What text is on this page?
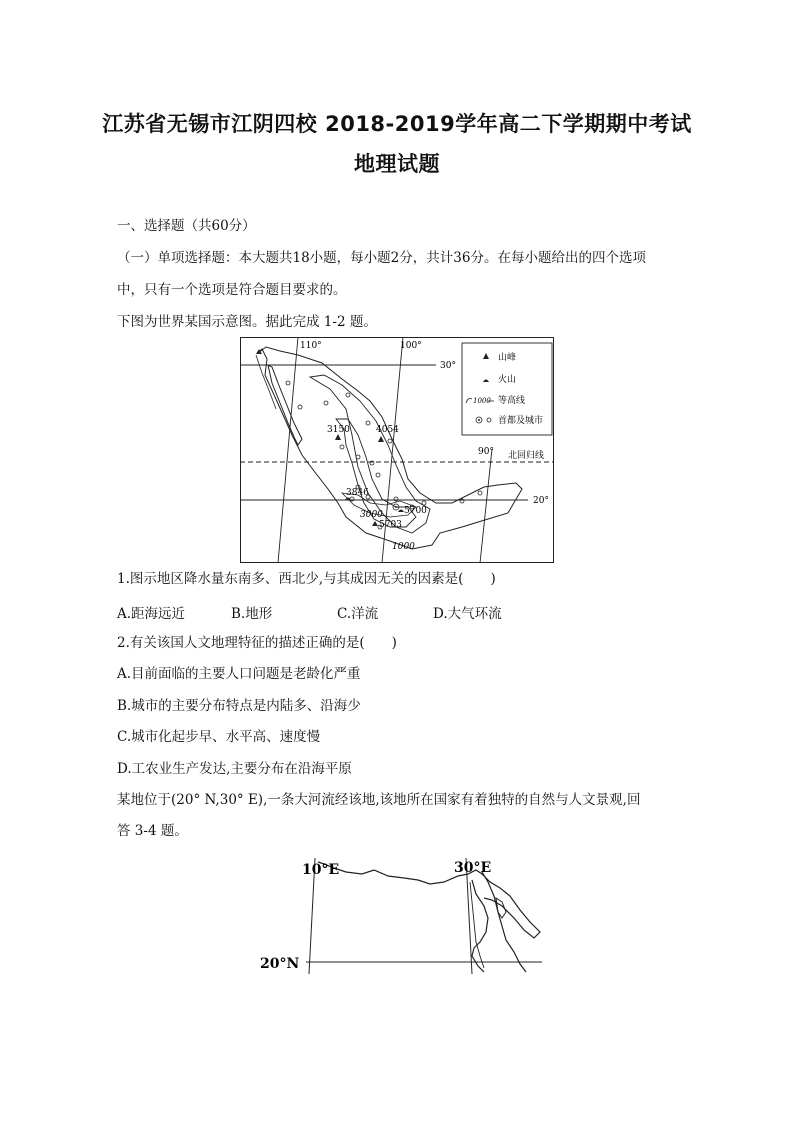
江苏省无锡市江阴四校 2018-2019学年高二下学期期中考试
地理试题
一、选择题（共60分）
（一）单项选择题：本大题共18小题，每小题2分，共计36分。在每小题给出的四个选项
中，只有一个选项是符合题目要求的。
下图为世界某国示意图。据此完成 1-2 题。
110°	100°
90°
30°
20°
北回归线
3150	4054
3846
5700
5703
3000
1000
山峰
火山
1000 等高线
首都及城市
1.图示地区降水量东南多、西北少,与其成因无关的因素是(　　)
A.距海远近	B.地形	C.洋流	D.大气环流
2.有关该国人文地理特征的描述正确的是(　　)
A.目前面临的主要人口问题是老龄化严重
B.城市的主要分布特点是内陆多、沿海少
C.城市化起步早、水平高、速度慢
D.工农业生产发达,主要分布在沿海平原
某地位于(20° N,30° E),一条大河流经该地,该地所在国家有着独特的自然与人文景观,回
答 3-4 题。
10°E	30°E
20°N
